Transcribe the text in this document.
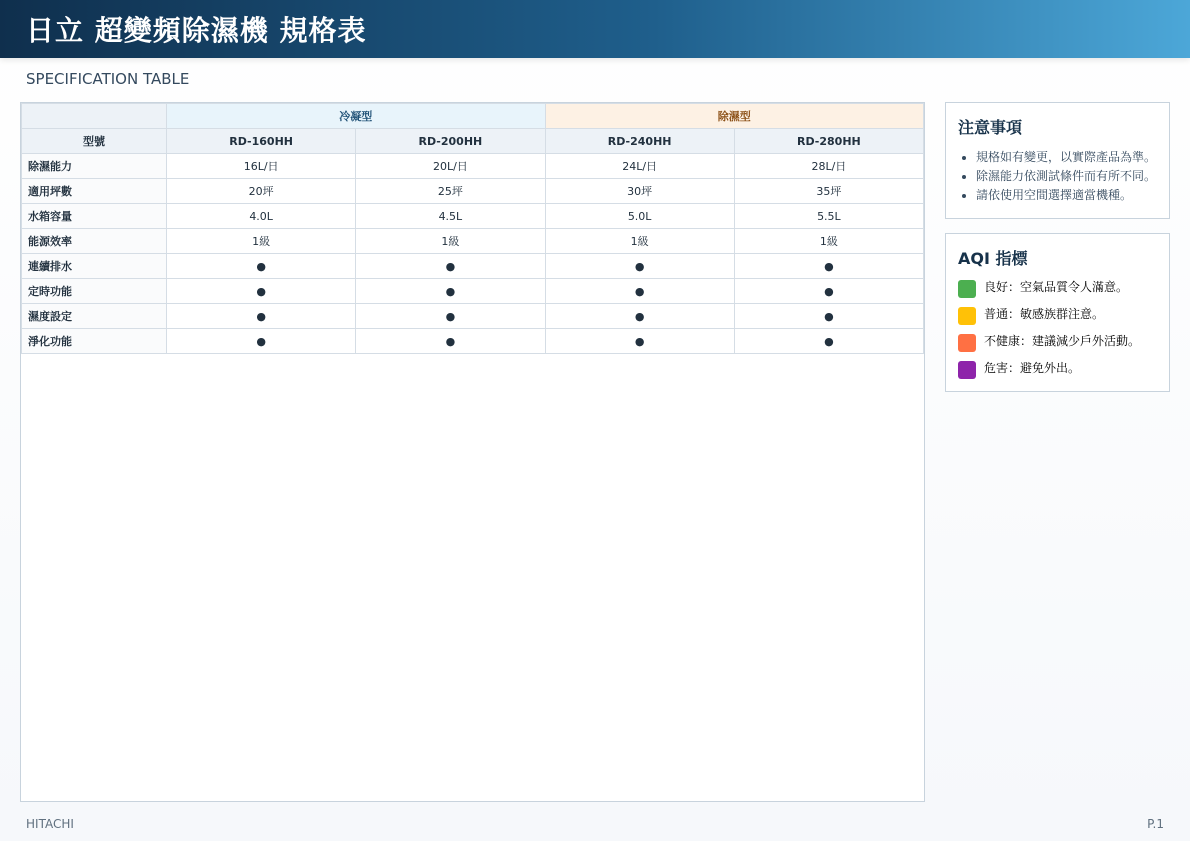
日立 超變頻除濕機 規格表
SPECIFICATION TABLE
	冷凝型		除濕型	
型號	RD-160HH	RD-200HH	RD-240HH	RD-280HH
除濕能力	16L/日	20L/日	24L/日	28L/日
適用坪數	20坪	25坪	30坪	35坪
水箱容量	4.0L	4.5L	5.0L	5.5L
能源效率	1級	1級	1級	1級
連續排水	●	●	●	●
定時功能	●	●	●	●
濕度設定	●	●	●	●
淨化功能	●	●	●	●
注意事項
• 規格如有變更，以實際產品為準。
• 除濕能力依測試條件而有所不同。
• 請依使用空間選擇適當機種。
AQI 指標
良好：空氣品質令人滿意。
普通：敏感族群注意。
不健康：建議減少戶外活動。
危害：避免外出。
HITACHI	P.1
